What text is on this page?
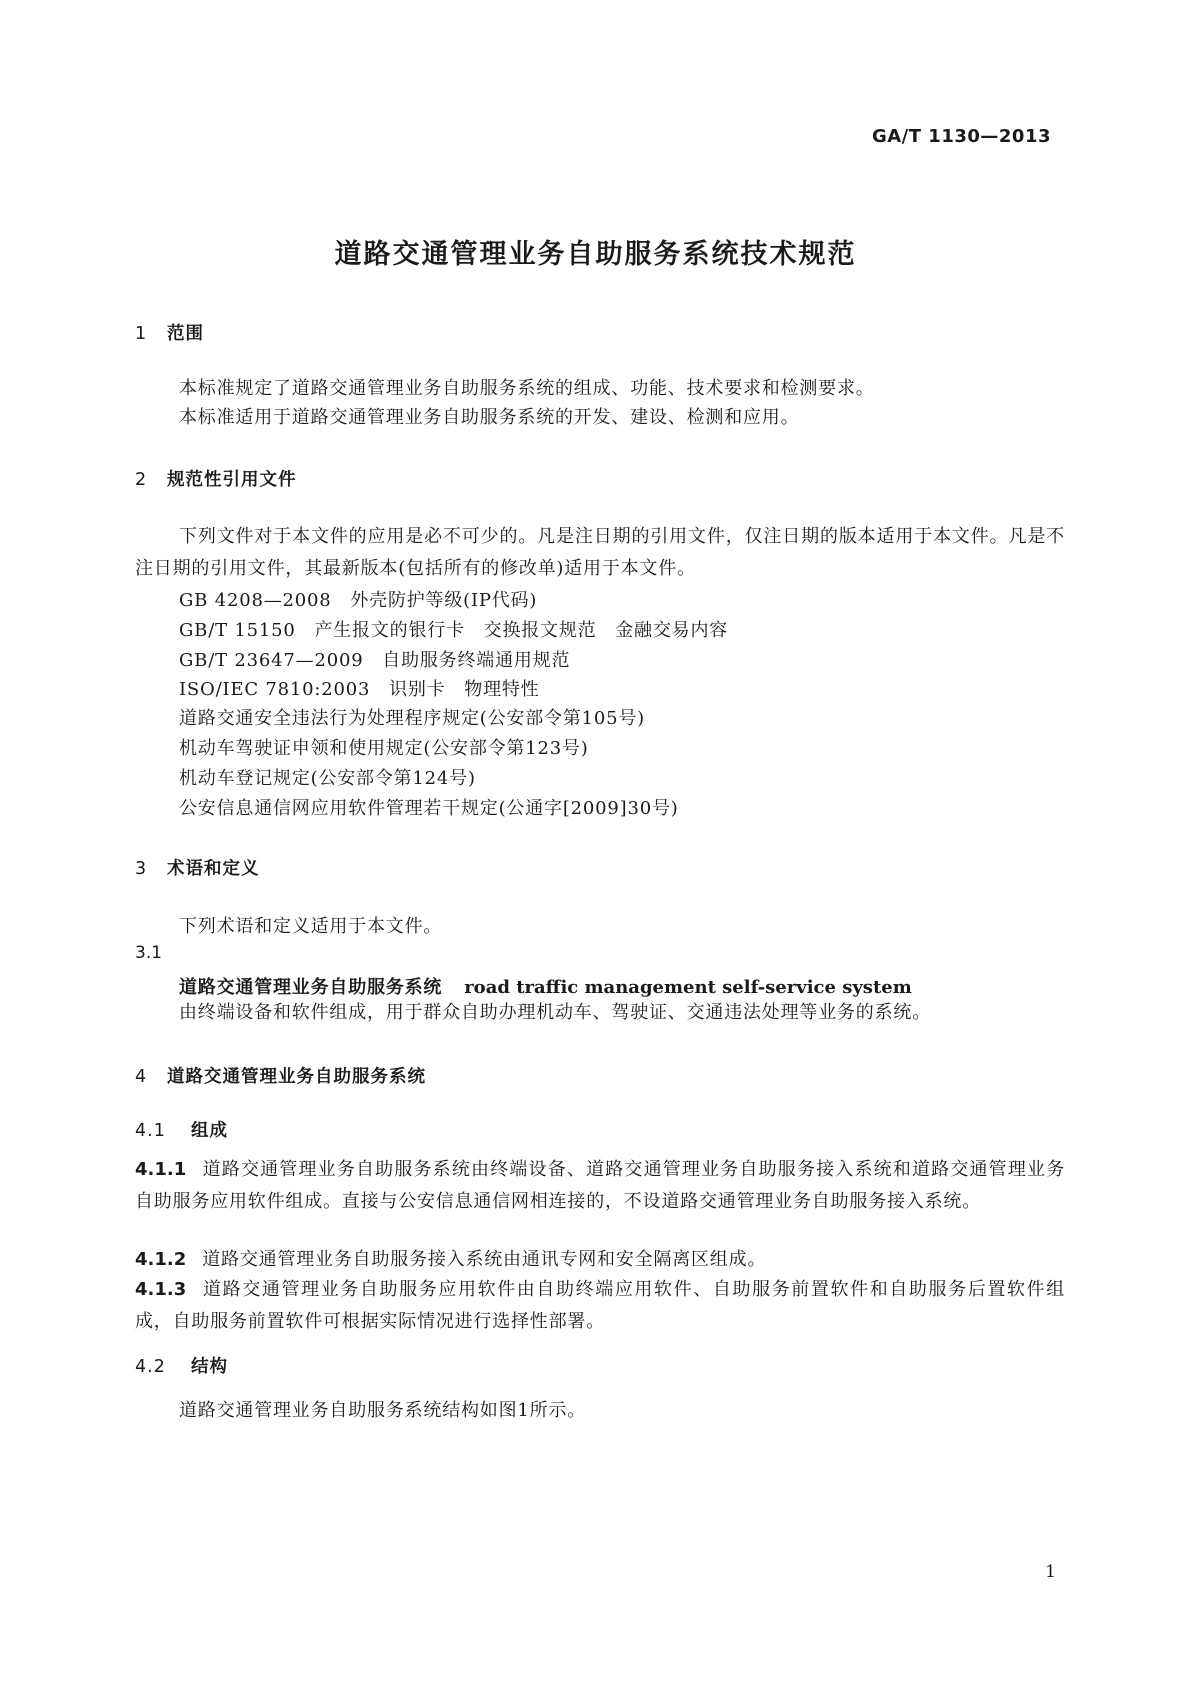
GA/T 1130—2013
道路交通管理业务自助服务系统技术规范
1 范围
本标准规定了道路交通管理业务自助服务系统的组成、功能、技术要求和检测要求。
本标准适用于道路交通管理业务自助服务系统的开发、建设、检测和应用。
2 规范性引用文件
下列文件对于本文件的应用是必不可少的。凡是注日期的引用文件，仅注日期的版本适用于本文件。凡是不注日期的引用文件，其最新版本(包括所有的修改单)适用于本文件。
GB 4208—2008　外壳防护等级(IP代码)
GB/T 15150　产生报文的银行卡　交换报文规范　金融交易内容
GB/T 23647—2009　自助服务终端通用规范
ISO/IEC 7810:2003　识别卡　物理特性
道路交通安全违法行为处理程序规定(公安部令第105号)
机动车驾驶证申领和使用规定(公安部令第123号)
机动车登记规定(公安部令第124号)
公安信息通信网应用软件管理若干规定(公通字[2009]30号)
3 术语和定义
下列术语和定义适用于本文件。
3.1
道路交通管理业务自助服务系统 road traffic management self-service system
由终端设备和软件组成，用于群众自助办理机动车、驾驶证、交通违法处理等业务的系统。
4 道路交通管理业务自助服务系统
4.1 组成
4.1.1 道路交通管理业务自助服务系统由终端设备、道路交通管理业务自助服务接入系统和道路交通管理业务自助服务应用软件组成。直接与公安信息通信网相连接的，不设道路交通管理业务自助服务接入系统。
4.1.2 道路交通管理业务自助服务接入系统由通讯专网和安全隔离区组成。
4.1.3 道路交通管理业务自助服务应用软件由自助终端应用软件、自助服务前置软件和自助服务后置软件组成，自助服务前置软件可根据实际情况进行选择性部署。
4.2 结构
道路交通管理业务自助服务系统结构如图1所示。
1
